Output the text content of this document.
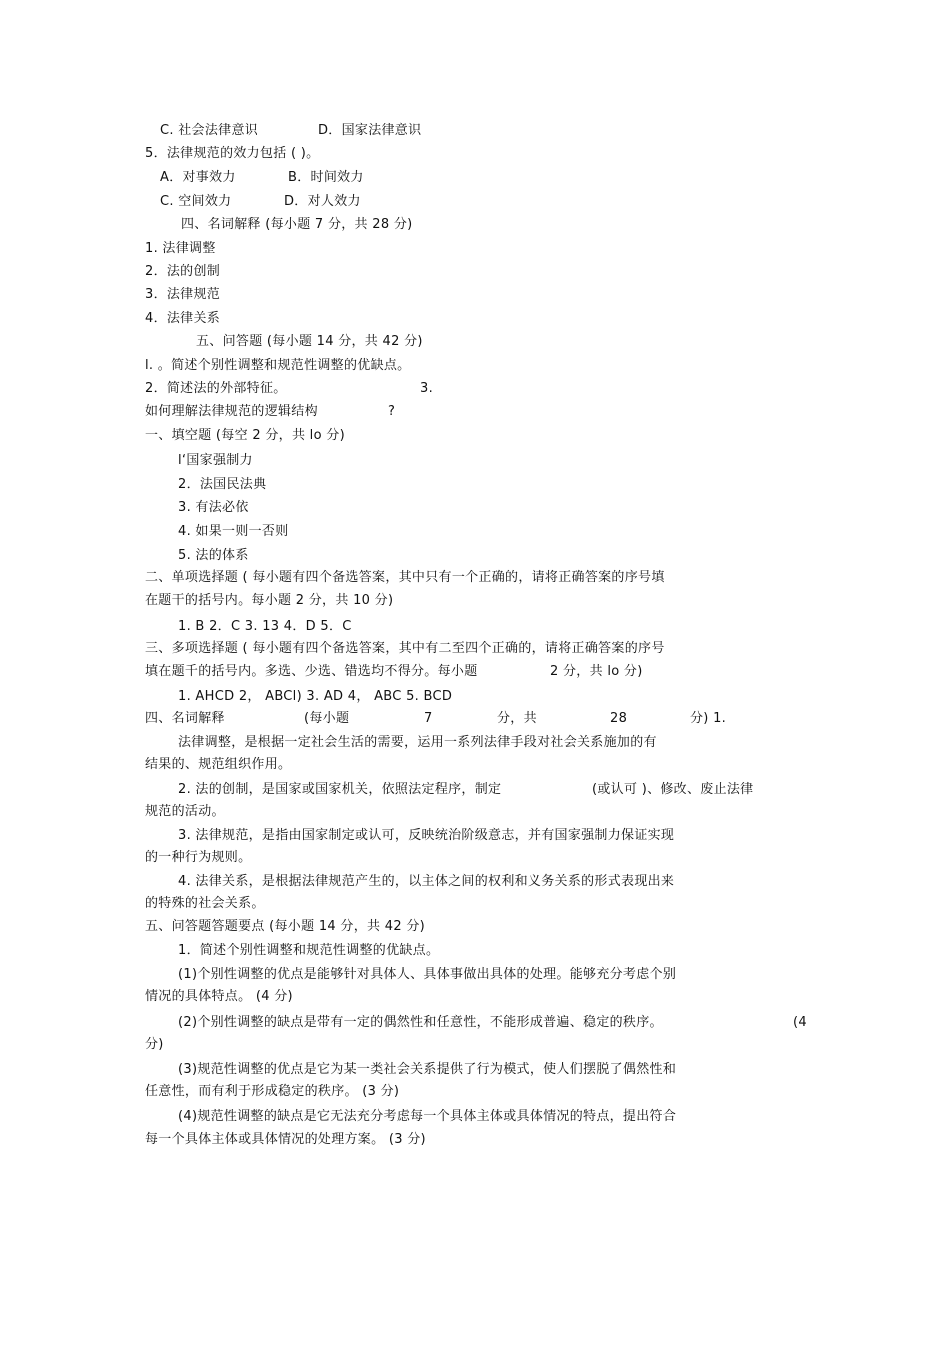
C. 社会法律意识	D．国家法律意识
5．法律规范的效力包括 ( )。
A．对事效力	B．时间效力
C. 空间效力	D．对人效力
四、名词解释 (每小题 7 分，共 28 分)
1. 法律调整
2．法的创制
3．法律规范
4．法律关系
五、问答题 (每小题 14 分，共 42 分)
l. 。简述个别性调整和规范性调整的优缺点。
2．简述法的外部特征。	3.
如何理解法律规范的逻辑结构	?
一、填空题 (每空 2 分，共 lo 分)
l‘国家强制力
2．法国民法典
3. 有法必依
4. 如果一则一否则
5. 法的体系
二、单项选择题 ( 每小题有四个备选答案，其中只有一个正确的，请将正确答案的序号填
在题干的括号内。每小题 2 分，共 10 分)
1. B 2．C 3. 13 4．D 5．C
三、多项选择题 ( 每小题有四个备选答案，其中有二至四个正确的，请将正确答案的序号
填在题千的括号内。多选、少选、错选均不得分。每小题	2 分，共 lo 分)
1. AHCD 2， ABCl) 3. AD 4， ABC 5. BCD
四、名词解释	(每小题	7	分，共	28	分) 1.
法律调整，是根据一定社会生活的需要，运用一系列法律手段对社会关系施加的有
结果的、规范组织作用。
2. 法的创制，是国家或国家机关，依照法定程序，制定	(或认可 )、修改、废止法律
规范的活动。
3. 法律规范，是指由国家制定或认可，反映统治阶级意志，并有国家强制力保证实现
的一种行为规则。
4. 法律关系，是根据法律规范产生的，以主体之间的权利和义务关系的形式表现出来
的特殊的社会关系。
五、问答题答题要点 (每小题 14 分，共 42 分)
1．简述个别性调整和规范性调整的优缺点。
(1)个别性调整的优点是能够针对具体人、具体事做出具体的处理。能够充分考虑个别
情况的具体特点。 (4 分)
(2)个别性调整的缺点是带有一定的偶然性和任意性，不能形成普遍、稳定的秩序。	(4
分)
(3)规范性调整的优点是它为某一类社会关系提供了行为模式，使人们摆脱了偶然性和
任意性，而有利于形成稳定的秩序。 (3 分)
(4)规范性调整的缺点是它无法充分考虑每一个具体主体或具体情况的特点，提出符合
每一个具体主体或具体情况的处理方案。 (3 分)
